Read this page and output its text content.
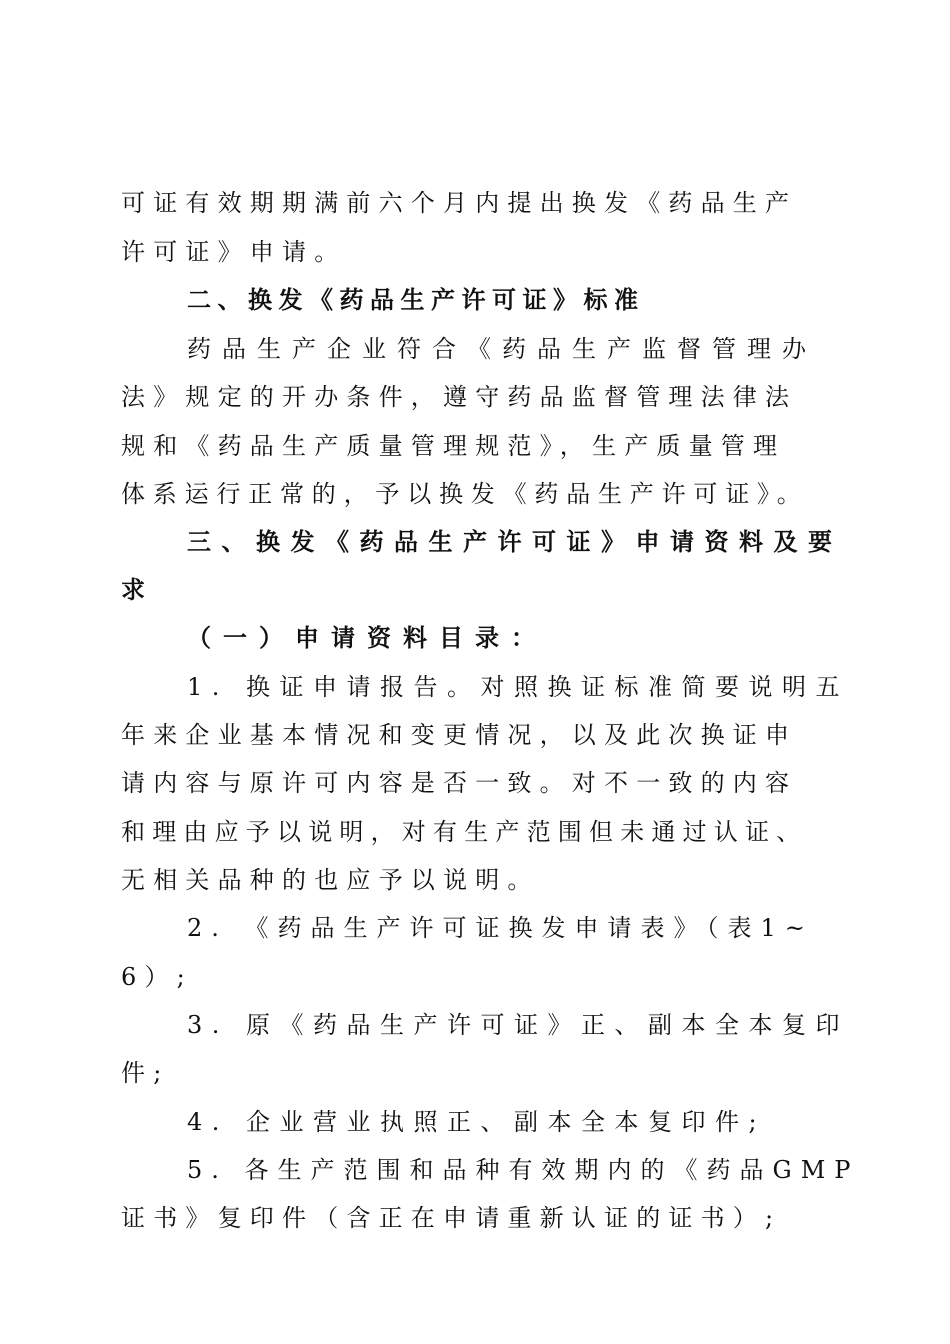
可证有效期期满前六个月内提出换发《药品生产
许可证》申请。
二、换发《药品生产许可证》标准
药品生产企业符合《药品生产监督管理办
法》规定的开办条件，遵守药品监督管理法律法
规和《药品生产质量管理规范》，生产质量管理
体系运行正常的，予以换发《药品生产许可证》。
三、换发《药品生产许可证》申请资料及要
求
（一）申请资料目录：
1. 换证申请报告。对照换证标准简要说明五
年来企业基本情况和变更情况，以及此次换证申
请内容与原许可内容是否一致。对不一致的内容
和理由应予以说明，对有生产范围但未通过认证、
无相关品种的也应予以说明。
2. 《药品生产许可证换发申请表》（表1~
6）;
3. 原《药品生产许可证》正、副本全本复印
件;
4. 企业营业执照正、副本全本复印件;
5. 各生产范围和品种有效期内的《药品GMP
证书》复印件（含正在申请重新认证的证书）;
